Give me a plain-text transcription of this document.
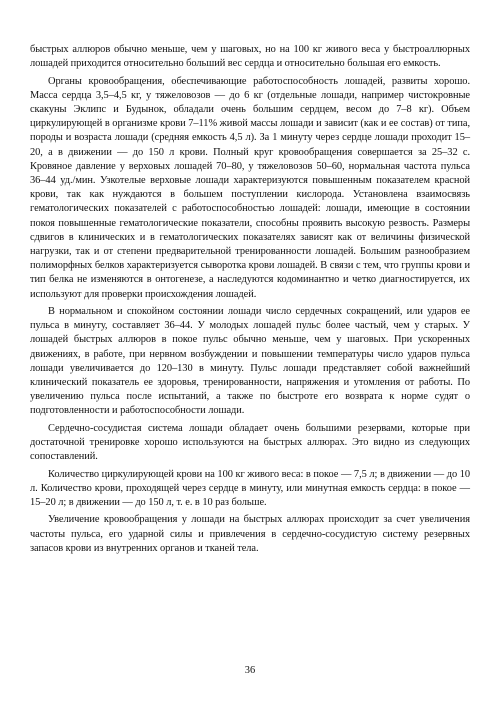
быстрых аллюров обычно меньше, чем у шаговых, но на 100 кг живого веса у быстроаллюрных лошадей приходится относительно больший вес сердца и относительно большая его емкость.

Органы кровообращения, обеспечивающие работоспособность лошадей, развиты хорошо. Масса сердца 3,5–4,5 кг, у тяжеловозов — до 6 кг (отдельные лошади, например чистокровные скакуны Эклипс и Будынок, обладали очень большим сердцем, весом до 7–8 кг). Объем циркулирующей в организме крови 7–11% живой массы лошади и зависит (как и ее состав) от типа, породы и возраста лошади (средняя емкость 4,5 л). За 1 минуту через сердце лошади проходит 15–20, а в движении — до 150 л крови. Полный круг кровообращения совершается за 25–32 с. Кровяное давление у верховых лошадей 70–80, у тяжеловозов 50–60, нормальная частота пульса 36–44 уд./мин. Узкотелые верховые лошади характеризуются повышенным показателем красной крови, так как нуждаются в большем поступлении кислорода. Установлена взаимосвязь гематологических показателей с работоспособностью лошадей: лошади, имеющие в состоянии покоя повышенные гематологические показатели, способны проявить высокую резвость. Размеры сдвигов в клинических и в гематологических показателях зависят как от величины физической нагрузки, так и от степени предварительной тренированности лошадей. Большим разнообразием полиморфных белков характеризуется сыворотка крови лошадей. В связи с тем, что группы крови и тип белка не изменяются в онтогенезе, а наследуются кодоминантно и четко диагностируется, их используют для проверки происхождения лошадей.

В нормальном и спокойном состоянии лошади число сердечных сокращений, или ударов ее пульса в минуту, составляет 36–44. У молодых лошадей пульс более частый, чем у старых. У лошадей быстрых аллюров в покое пульс обычно меньше, чем у шаговых. При ускоренных движениях, в работе, при нервном возбуждении и повышении температуры число ударов пульса лошади увеличивается до 120–130 в минуту. Пульс лошади представляет собой важнейший клинический показатель ее здоровья, тренированности, напряжения и утомления от работы. По увеличению пульса после испытаний, а также по быстроте его возврата к норме судят о подготовленности и работоспособности лошади.

Сердечно-сосудистая система лошади обладает очень большими резервами, которые при достаточной тренировке хорошо используются на быстрых аллюрах. Это видно из следующих сопоставлений.

Количество циркулирующей крови на 100 кг живого веса: в покое — 7,5 л; в движении — до 10 л. Количество крови, проходящей через сердце в минуту, или минутная емкость сердца: в покое — 15–20 л; в движении — до 150 л, т. е. в 10 раз больше.

Увеличение кровообращения у лошади на быстрых аллюрах происходит за счет увеличения частоты пульса, его ударной силы и привлечения в сердечно-сосудистую систему резервных запасов крови из внутренних органов и тканей тела.

36
